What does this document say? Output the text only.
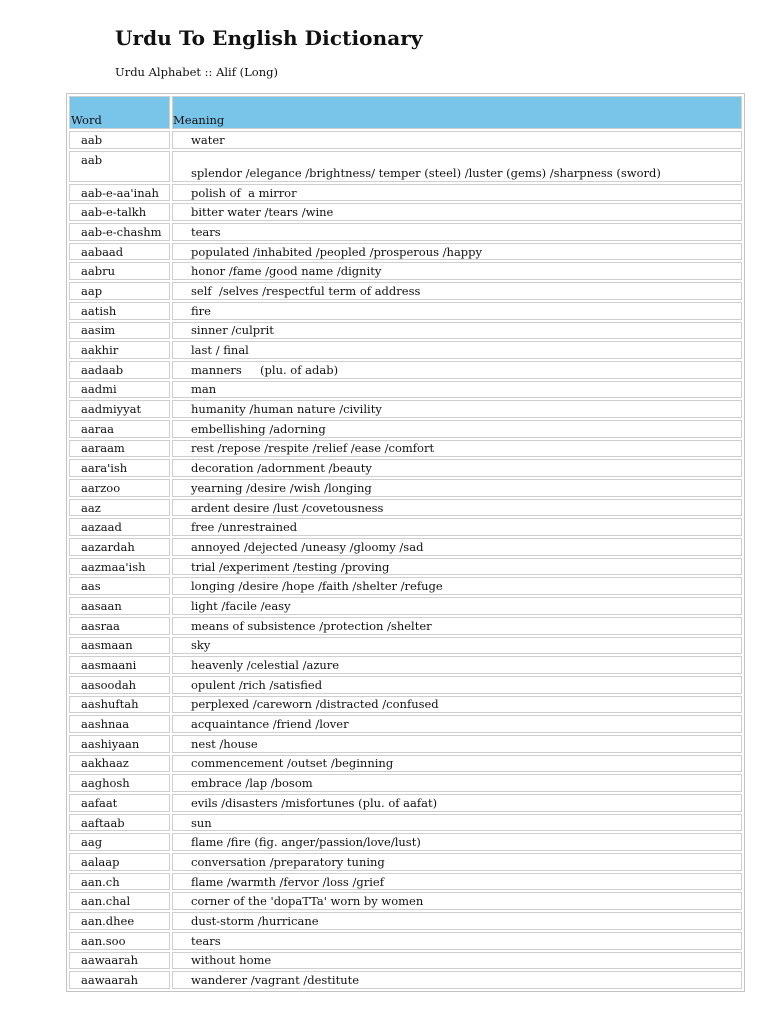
Urdu To English Dictionary
Urdu Alphabet :: Alif (Long)
Word	Meaning
aab	water
aab	splendor /elegance /brightness/ temper (steel) /luster (gems) /sharpness (sword)
aab-e-aa'inah	polish of  a mirror
aab-e-talkh	bitter water /tears /wine
aab-e-chashm	tears
aabaad	populated /inhabited /peopled /prosperous /happy
aabru	honor /fame /good name /dignity
aap	self  /selves /respectful term of address
aatish	fire
aasim	sinner /culprit
aakhir	last / final
aadaab	manners     (plu. of adab)
aadmi	man
aadmiyyat	humanity /human nature /civility
aaraa	embellishing /adorning
aaraam	rest /repose /respite /relief /ease /comfort
aara'ish	decoration /adornment /beauty
aarzoo	yearning /desire /wish /longing
aaz	ardent desire /lust /covetousness
aazaad	free /unrestrained
aazardah	annoyed /dejected /uneasy /gloomy /sad
aazmaa'ish	trial /experiment /testing /proving
aas	longing /desire /hope /faith /shelter /refuge
aasaan	light /facile /easy
aasraa	means of subsistence /protection /shelter
aasmaan	sky
aasmaani	heavenly /celestial /azure
aasoodah	opulent /rich /satisfied
aashuftah	perplexed /careworn /distracted /confused
aashnaa	acquaintance /friend /lover
aashiyaan	nest /house
aakhaaz	commencement /outset /beginning
aaghosh	embrace /lap /bosom
aafaat	evils /disasters /misfortunes (plu. of aafat)
aaftaab	sun
aag	flame /fire (fig. anger/passion/love/lust)
aalaap	conversation /preparatory tuning
aan.ch	flame /warmth /fervor /loss /grief
aan.chal	corner of the 'dopaTTa' worn by women
aan.dhee	dust-storm /hurricane
aan.soo	tears
aawaarah	without home
aawaarah	wanderer /vagrant /destitute
